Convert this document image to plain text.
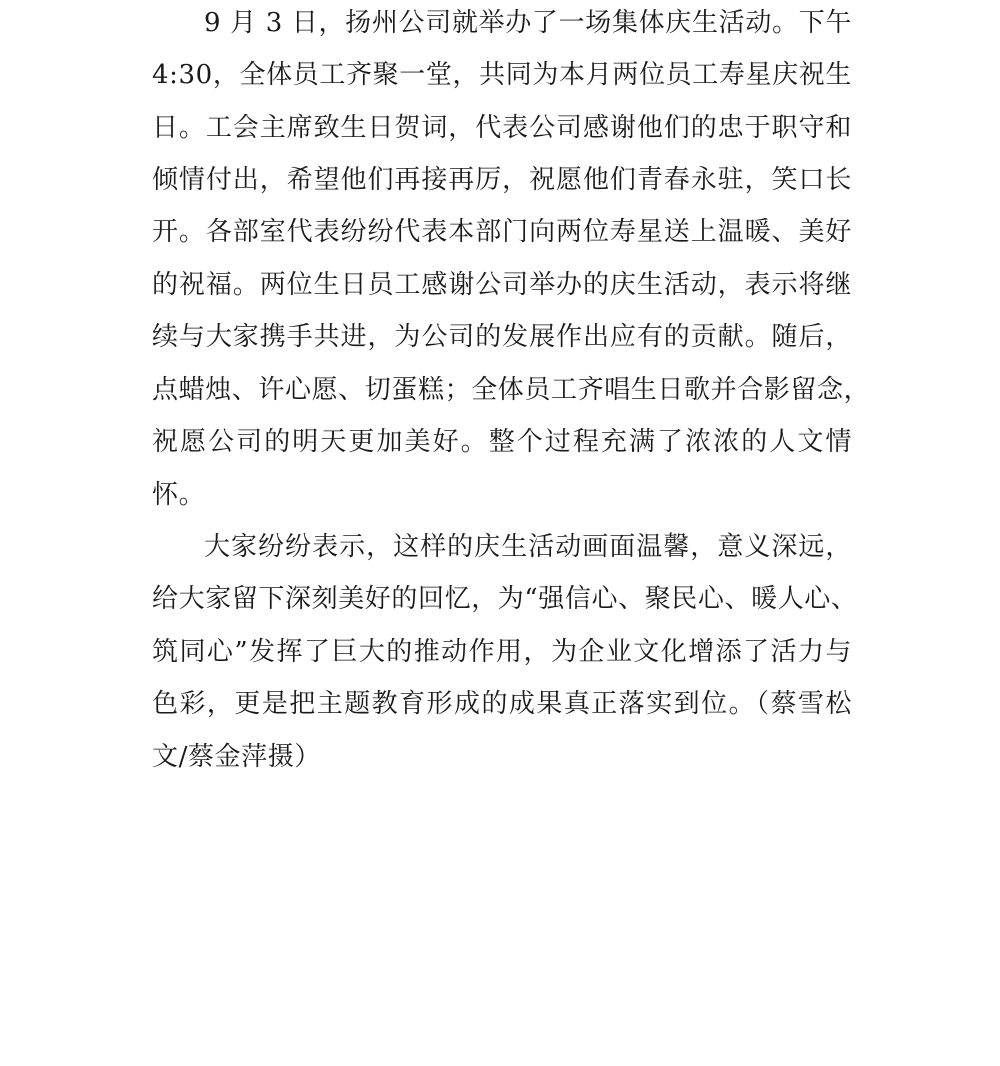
9 月 3 日，扬州公司就举办了一场集体庆生活动。下午
4:30，全体员工齐聚一堂，共同为本月两位员工寿星庆祝生
日。工会主席致生日贺词，代表公司感谢他们的忠于职守和
倾情付出，希望他们再接再厉，祝愿他们青春永驻，笑口长
开。各部室代表纷纷代表本部门向两位寿星送上温暖、美好
的祝福。两位生日员工感谢公司举办的庆生活动，表示将继
续与大家携手共进，为公司的发展作出应有的贡献。随后，
点蜡烛、许心愿、切蛋糕；全体员工齐唱生日歌并合影留念，
祝愿公司的明天更加美好。整个过程充满了浓浓的人文情
怀。
大家纷纷表示，这样的庆生活动画面温馨，意义深远，
给大家留下深刻美好的回忆，为“强信心、聚民心、暖人心、
筑同心”发挥了巨大的推动作用，为企业文化增添了活力与
色彩，更是把主题教育形成的成果真正落实到位。（蔡雪松
文/蔡金萍摄）
